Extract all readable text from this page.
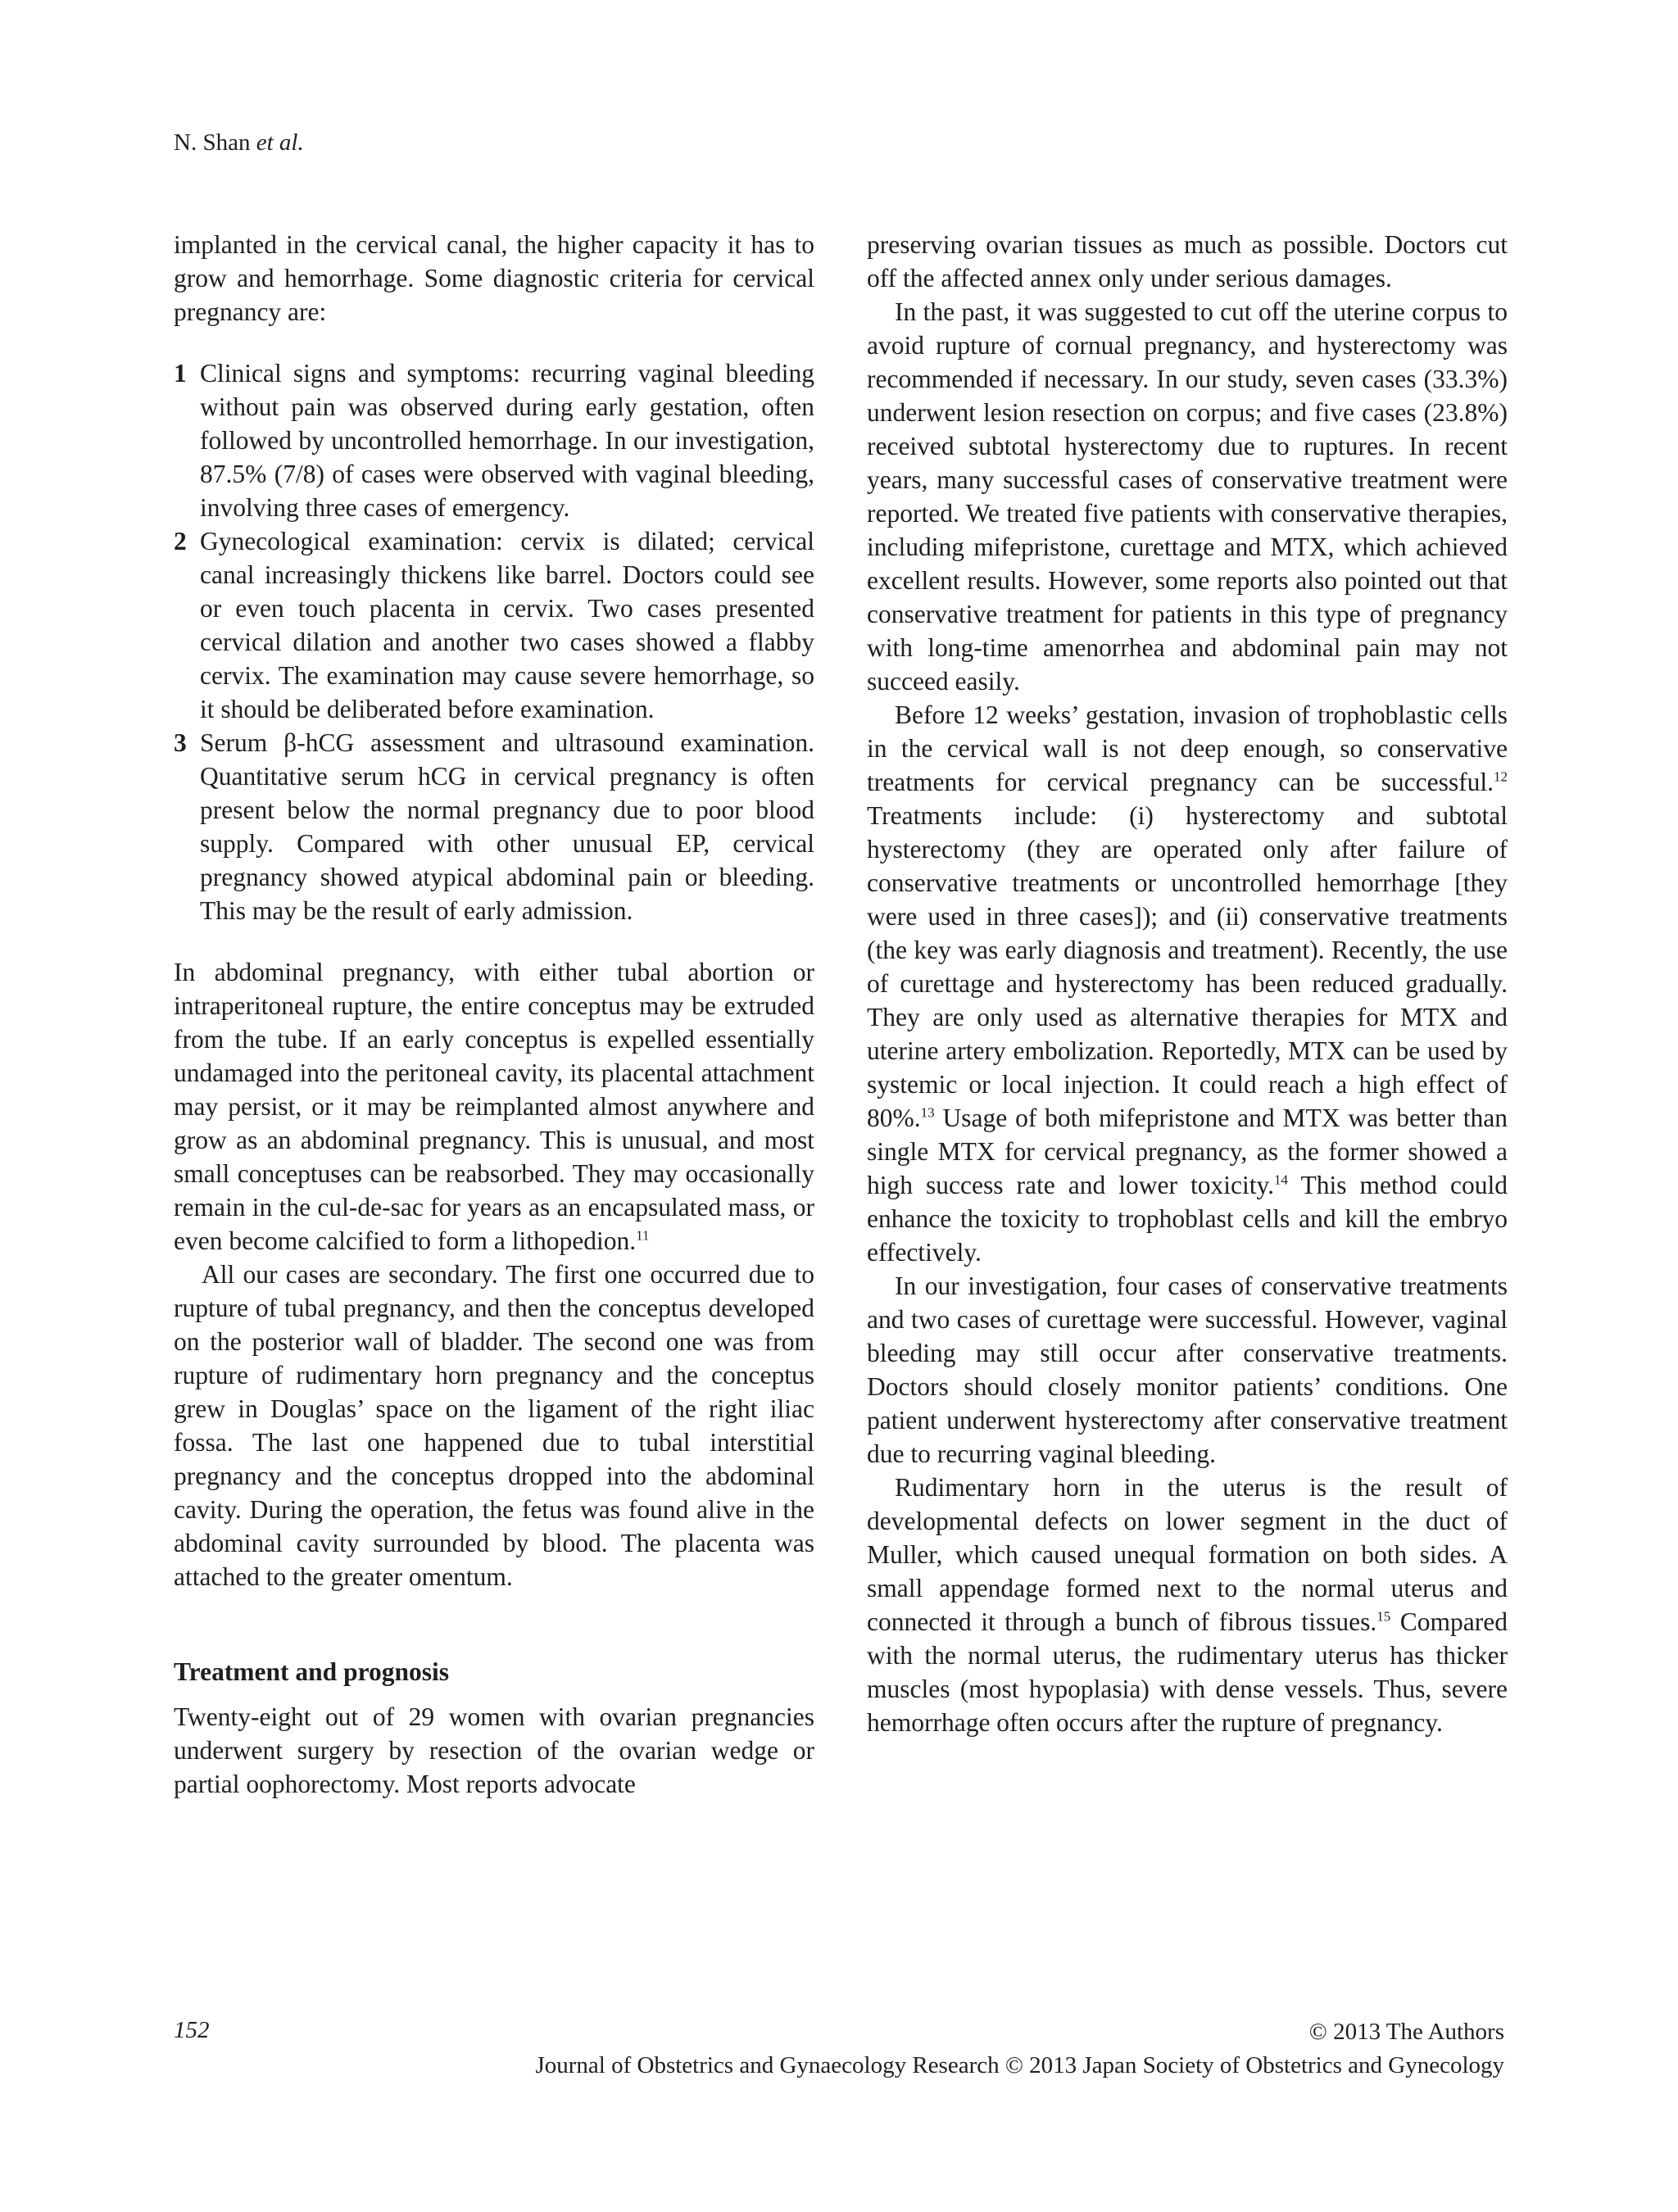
N. Shan et al.

implanted in the cervical canal, the higher capacity it has to grow and hemorrhage. Some diagnostic criteria for cervical pregnancy are:

1 Clinical signs and symptoms: recurring vaginal bleeding without pain was observed during early gestation, often followed by uncontrolled hemorrhage. In our investigation, 87.5% (7/8) of cases were observed with vaginal bleeding, involving three cases of emergency.
2 Gynecological examination: cervix is dilated; cervical canal increasingly thickens like barrel. Doctors could see or even touch placenta in cervix. Two cases presented cervical dilation and another two cases showed a flabby cervix. The examination may cause severe hemorrhage, so it should be deliberated before examination.
3 Serum β-hCG assessment and ultrasound examination. Quantitative serum hCG in cervical pregnancy is often present below the normal pregnancy due to poor blood supply. Compared with other unusual EP, cervical pregnancy showed atypical abdominal pain or bleeding. This may be the result of early admission.

In abdominal pregnancy, with either tubal abortion or intraperitoneal rupture, the entire conceptus may be extruded from the tube. If an early conceptus is expelled essentially undamaged into the peritoneal cavity, its placental attachment may persist, or it may be reimplanted almost anywhere and grow as an abdominal pregnancy. This is unusual, and most small conceptuses can be reabsorbed. They may occasionally remain in the cul-de-sac for years as an encapsulated mass, or even become calcified to form a lithopedion.$^{11}$

All our cases are secondary. The first one occurred due to rupture of tubal pregnancy, and then the conceptus developed on the posterior wall of bladder. The second one was from rupture of rudimentary horn pregnancy and the conceptus grew in Douglas’ space on the ligament of the right iliac fossa. The last one happened due to tubal interstitial pregnancy and the conceptus dropped into the abdominal cavity. During the operation, the fetus was found alive in the abdominal cavity surrounded by blood. The placenta was attached to the greater omentum.

Treatment and prognosis

Twenty-eight out of 29 women with ovarian pregnancies underwent surgery by resection of the ovarian wedge or partial oophorectomy. Most reports advocate

preserving ovarian tissues as much as possible. Doctors cut off the affected annex only under serious damages.

In the past, it was suggested to cut off the uterine corpus to avoid rupture of cornual pregnancy, and hysterectomy was recommended if necessary. In our study, seven cases (33.3%) underwent lesion resection on corpus; and five cases (23.8%) received subtotal hysterectomy due to ruptures. In recent years, many successful cases of conservative treatment were reported. We treated five patients with conservative therapies, including mifepristone, curettage and MTX, which achieved excellent results. However, some reports also pointed out that conservative treatment for patients in this type of pregnancy with long-time amenorrhea and abdominal pain may not succeed easily.

Before 12 weeks’ gestation, invasion of trophoblastic cells in the cervical wall is not deep enough, so conservative treatments for cervical pregnancy can be successful.$^{12}$ Treatments include: (i) hysterectomy and subtotal hysterectomy (they are operated only after failure of conservative treatments or uncontrolled hemorrhage [they were used in three cases]); and (ii) conservative treatments (the key was early diagnosis and treatment). Recently, the use of curettage and hysterectomy has been reduced gradually. They are only used as alternative therapies for MTX and uterine artery embolization. Reportedly, MTX can be used by systemic or local injection. It could reach a high effect of 80%.$^{13}$ Usage of both mifepristone and MTX was better than single MTX for cervical pregnancy, as the former showed a high success rate and lower toxicity.$^{14}$ This method could enhance the toxicity to trophoblast cells and kill the embryo effectively.

In our investigation, four cases of conservative treatments and two cases of curettage were successful. However, vaginal bleeding may still occur after conservative treatments. Doctors should closely monitor patients’ conditions. One patient underwent hysterectomy after conservative treatment due to recurring vaginal bleeding.

Rudimentary horn in the uterus is the result of developmental defects on lower segment in the duct of Muller, which caused unequal formation on both sides. A small appendage formed next to the normal uterus and connected it through a bunch of fibrous tissues.$^{15}$ Compared with the normal uterus, the rudimentary uterus has thicker muscles (most hypoplasia) with dense vessels. Thus, severe hemorrhage often occurs after the rupture of pregnancy.

152	© 2013 The Authors
Journal of Obstetrics and Gynaecology Research © 2013 Japan Society of Obstetrics and Gynecology
